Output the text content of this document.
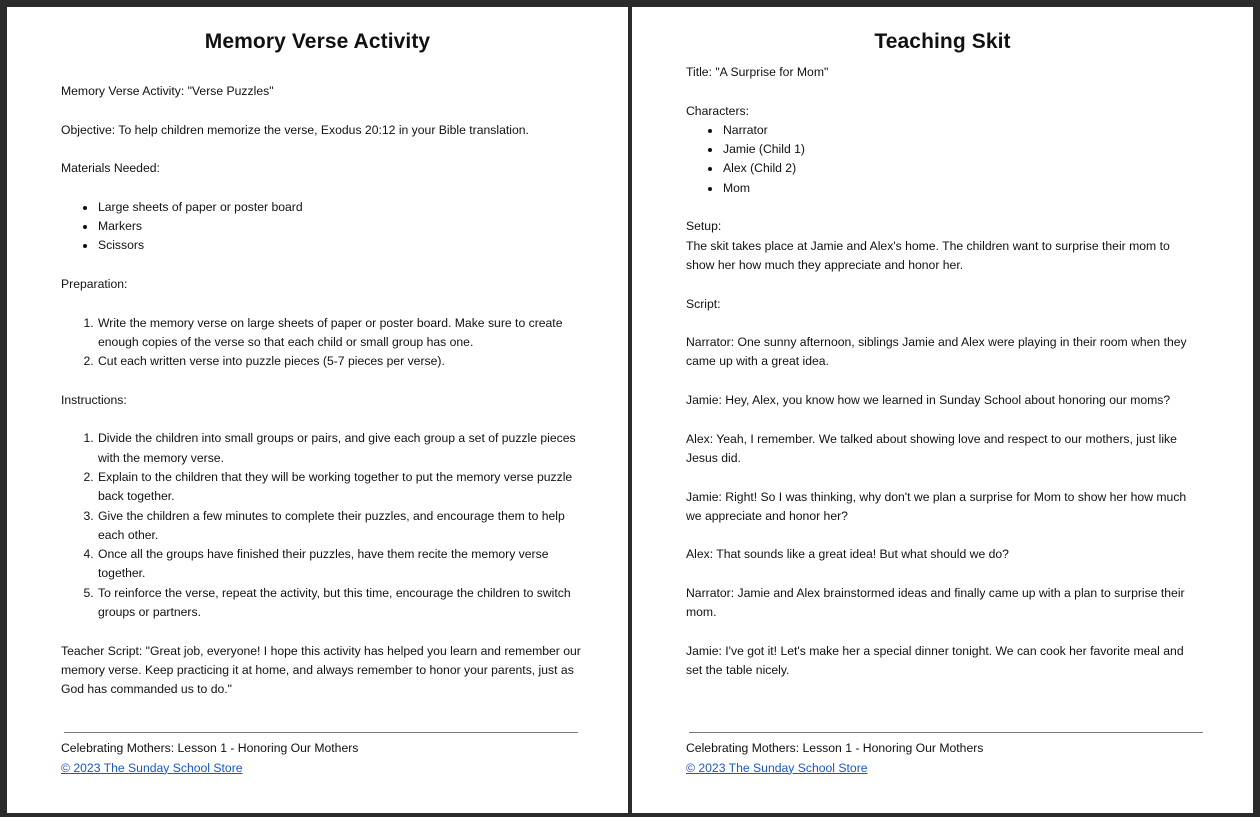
Memory Verse Activity

Memory Verse Activity: "Verse Puzzles"

Objective: To help children memorize the verse, Exodus 20:12 in your Bible translation.

Materials Needed:

• Large sheets of paper or poster board
• Markers
• Scissors

Preparation:

1. Write the memory verse on large sheets of paper or poster board. Make sure to create enough copies of the verse so that each child or small group has one.
2. Cut each written verse into puzzle pieces (5-7 pieces per verse).

Instructions:

1. Divide the children into small groups or pairs, and give each group a set of puzzle pieces with the memory verse.
2. Explain to the children that they will be working together to put the memory verse puzzle back together.
3. Give the children a few minutes to complete their puzzles, and encourage them to help each other.
4. Once all the groups have finished their puzzles, have them recite the memory verse together.
5. To reinforce the verse, repeat the activity, but this time, encourage the children to switch groups or partners.

Teacher Script: "Great job, everyone! I hope this activity has helped you learn and remember our memory verse. Keep practicing it at home, and always remember to honor your parents, just as God has commanded us to do."

Celebrating Mothers: Lesson 1 - Honoring Our Mothers

© 2023 The Sunday School Store

Teaching Skit

Title: "A Surprise for Mom"

Characters:

• Narrator
• Jamie (Child 1)
• Alex (Child 2)
• Mom

Setup:

The skit takes place at Jamie and Alex's home. The children want to surprise their mom to show her how much they appreciate and honor her.

Script:

Narrator: One sunny afternoon, siblings Jamie and Alex were playing in their room when they came up with a great idea.

Jamie: Hey, Alex, you know how we learned in Sunday School about honoring our moms?

Alex: Yeah, I remember. We talked about showing love and respect to our mothers, just like Jesus did.

Jamie: Right! So I was thinking, why don't we plan a surprise for Mom to show her how much we appreciate and honor her?

Alex: That sounds like a great idea! But what should we do?

Narrator: Jamie and Alex brainstormed ideas and finally came up with a plan to surprise their mom.

Jamie: I've got it! Let's make her a special dinner tonight. We can cook her favorite meal and set the table nicely.

Celebrating Mothers: Lesson 1 - Honoring Our Mothers

© 2023 The Sunday School Store
